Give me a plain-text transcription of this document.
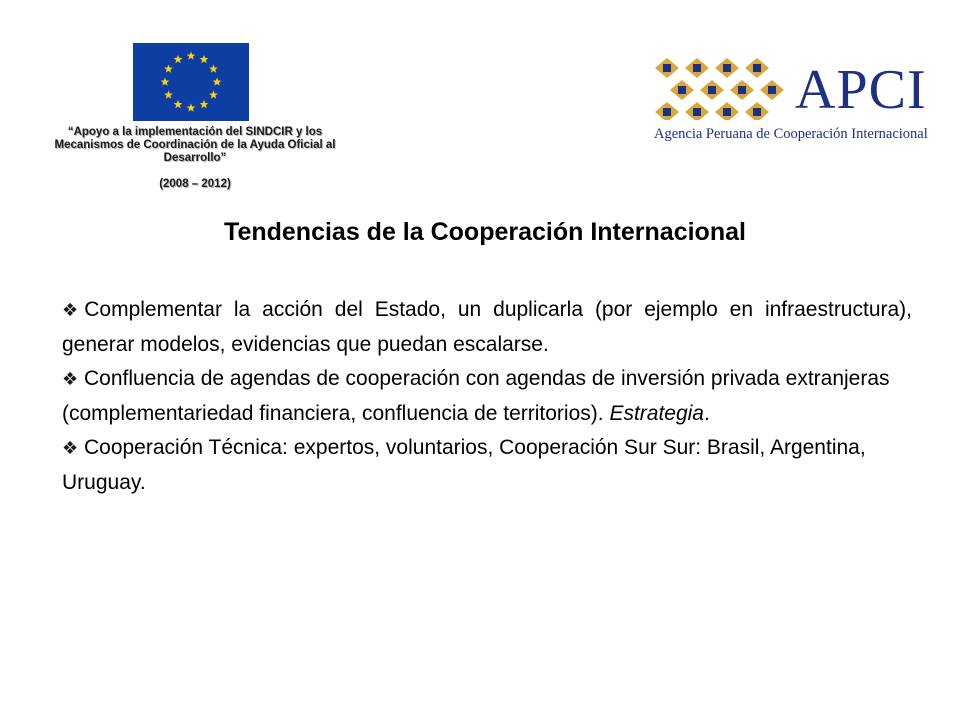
“Apoyo a la implementación del SINDCIR y los Mecanismos de Coordinación de la Ayuda Oficial al Desarrollo”
(2008 – 2012)
APCI
Agencia Peruana de Cooperación Internacional
Tendencias de la Cooperación Internacional

❖Complementar la acción del Estado, un duplicarla (por ejemplo en infraestructura), generar modelos, evidencias que puedan escalarse.

❖ Confluencia de agendas de cooperación con agendas de inversión privada extranjeras (complementariedad financiera, confluencia de territorios). Estrategia.

❖ Cooperación Técnica: expertos, voluntarios, Cooperación Sur Sur: Brasil, Argentina, Uruguay.
